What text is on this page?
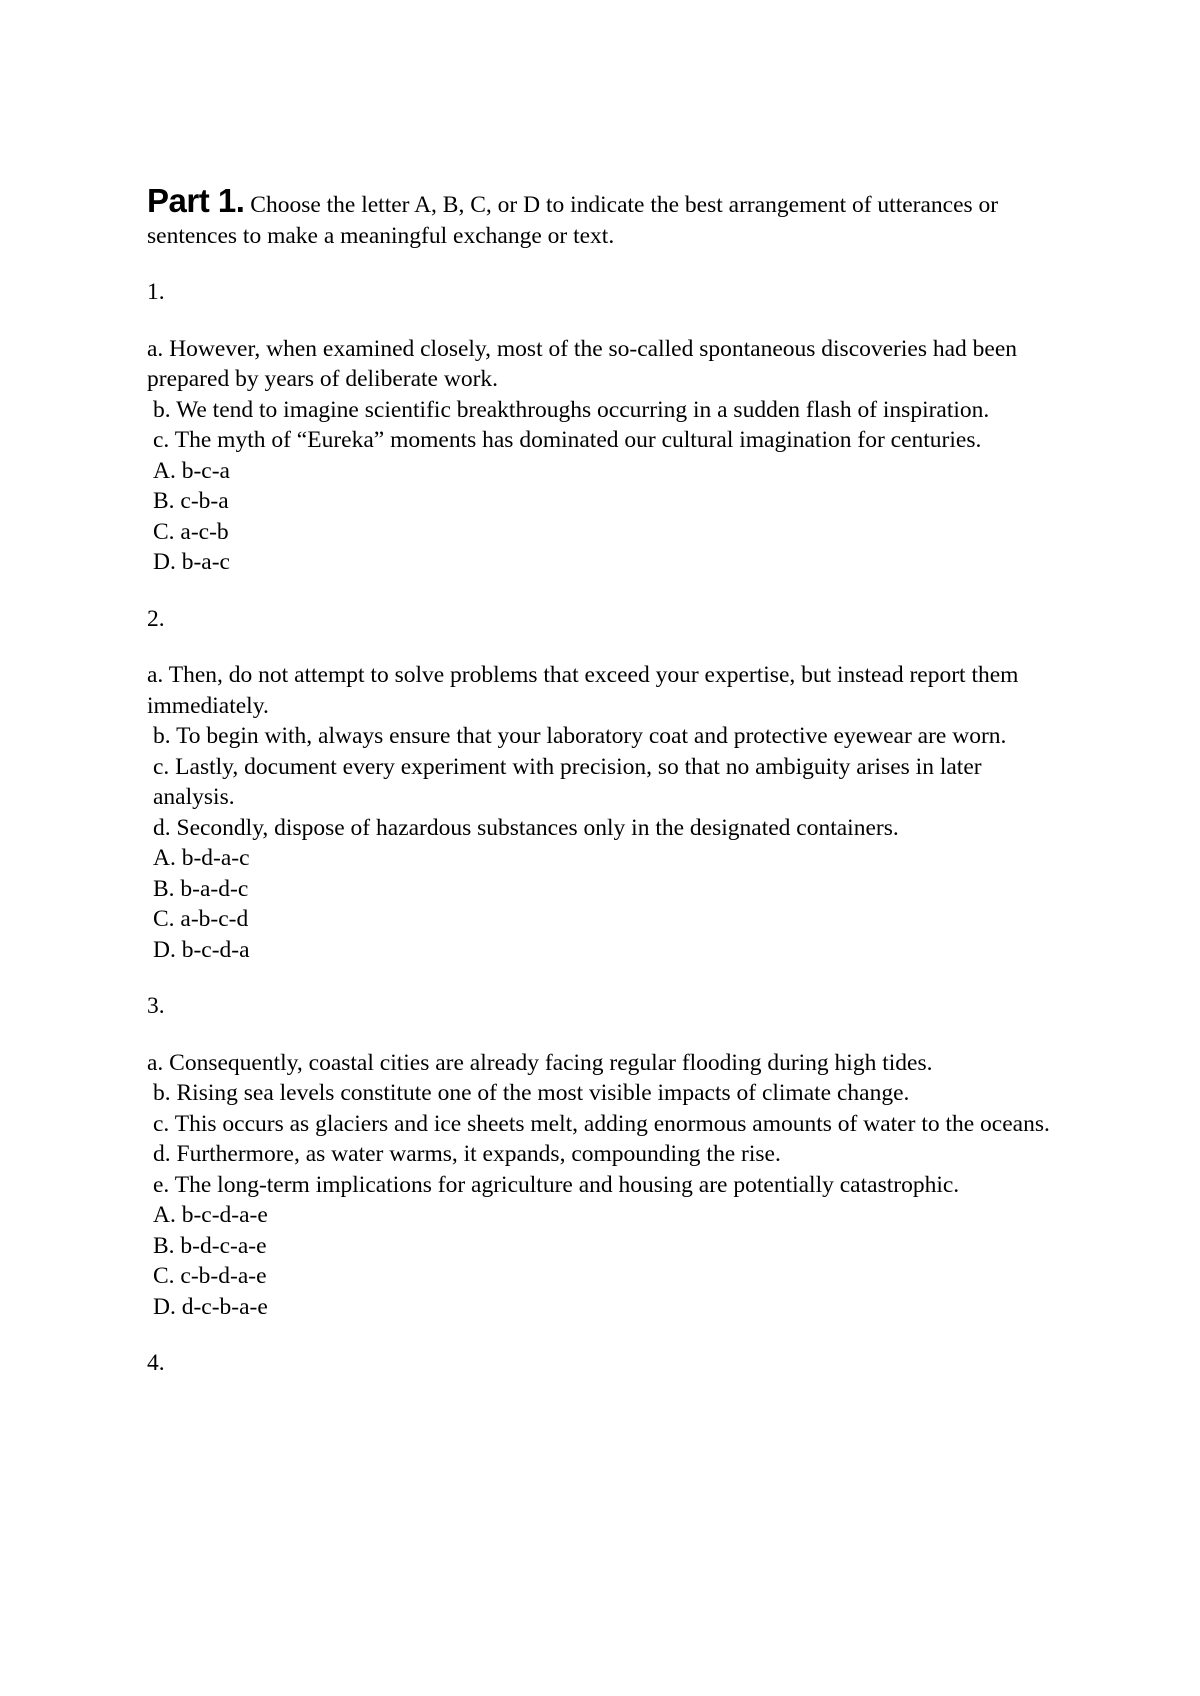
Part 1. Choose the letter A, B, C, or D to indicate the best arrangement of utterances or sentences to make a meaningful exchange or text.

1.
a. However, when examined closely, most of the so-called spontaneous discoveries had been prepared by years of deliberate work.
b. We tend to imagine scientific breakthroughs occurring in a sudden flash of inspiration.
c. The myth of “Eureka” moments has dominated our cultural imagination for centuries.
A. b-c-a
B. c-b-a
C. a-c-b
D. b-a-c
2.
a. Then, do not attempt to solve problems that exceed your expertise, but instead report them immediately.
b. To begin with, always ensure that your laboratory coat and protective eyewear are worn.
c. Lastly, document every experiment with precision, so that no ambiguity arises in later analysis.
d. Secondly, dispose of hazardous substances only in the designated containers.
A. b-d-a-c
B. b-a-d-c
C. a-b-c-d
D. b-c-d-a
3.
a. Consequently, coastal cities are already facing regular flooding during high tides.
b. Rising sea levels constitute one of the most visible impacts of climate change.
c. This occurs as glaciers and ice sheets melt, adding enormous amounts of water to the oceans.
d. Furthermore, as water warms, it expands, compounding the rise.
e. The long-term implications for agriculture and housing are potentially catastrophic.
A. b-c-d-a-e
B. b-d-c-a-e
C. c-b-d-a-e
D. d-c-b-a-e
4.
